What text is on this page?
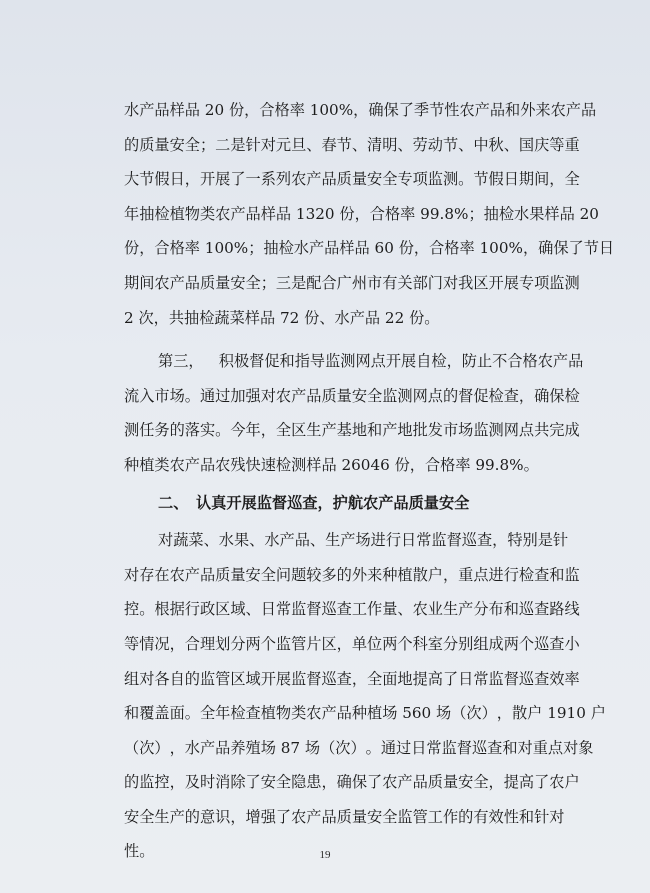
水 产 品 样 品
2 0
份 ， 合 格 率
1 0 0 % ， 确 保 了 季 节 性 农 产 品 和 外 来 农 产 品
的 质 量 安 全 ； 二 是 针 对 元 旦 、 春 节 、 清 明 、 劳 动 节 、 中 秋 、 国 庆 等 重
大 节 假 日 ， 开 展 了 一 系 列 农 产 品 质 量 安 全 专 项 监 测 。 节 假 日 期 间 ， 全
年 抽 检 植 物 类 农 产 品 样 品
1 3 2 0
份 ， 合 格 率
9 9 . 8 % ； 抽 检 水 果 样 品
2 0
份 ， 合 格 率
1 0 0 % ； 抽 检 水 产 品 样 品
6 0
份 ， 合 格 率
1 0 0 % ， 确 保 了 节 日
期 间 农 产 品 质 量 安 全 ； 三 是 配 合 广 州 市 有 关 部 门 对 我 区 开 展 专 项 监 测
2 次，共抽检蔬菜样品 72 份、水产品 22 份。
第 三 ，
　 积 极 督 促 和 指 导 监 测 网 点 开 展 自 检 ， 防 止 不 合 格 农 产 品
流 入 市 场 。 通 过 加 强 对 农 产 品 质 量 安 全 监 测 网 点 的 督 促 检 查 ， 确 保 检
测 任 务 的 落 实 。 今 年 ， 全 区 生 产 基 地 和 产 地 批 发 市 场 监 测 网 点 共 完 成
种植类农产品农残快速检测样品 26046 份，合格率 99.8%。
二、　认真开展监督巡查，护航农产品质量安全
对 蔬 菜 、 水 果 、 水 产 品 、 生 产 场 进 行 日 常 监 督 巡 查 ， 特 别 是 针
对 存 在 农 产 品 质 量 安 全 问 题 较 多 的 外 来 种 植 散 户 ， 重 点 进 行 检 查 和 监
控 。 根 据 行 政 区 域 、 日 常 监 督 巡 查 工 作 量 、 农 业 生 产 分 布 和 巡 查 路 线
等 情 况 ， 合 理 划 分 两 个 监 管 片 区 ， 单 位 两 个 科 室 分 别 组 成 两 个 巡 查 小
组 对 各 自 的 监 管 区 域 开 展 监 督 巡 查 ， 全 面 地 提 高 了 日 常 监 督 巡 查 效 率
和 覆 盖 面 。 全 年 检 查 植 物 类 农 产 品 种 植 场
5 6 0
场 （ 次 ） ， 散 户
1 9 1 0
户
（ 次 ） ， 水 产 品 养 殖 场
8 7
场 （ 次 ） 。 通 过 日 常 监 督 巡 查 和 对 重 点 对 象
的 监 控 ， 及 时 消 除 了 安 全 隐 患 ， 确 保 了 农 产 品 质 量 安 全 ， 提 高 了 农 户
安 全 生 产 的 意 识 ， 增 强 了 农 产 品 质 量 安 全 监 管 工 作 的 有 效 性 和 针 对
性。	19
